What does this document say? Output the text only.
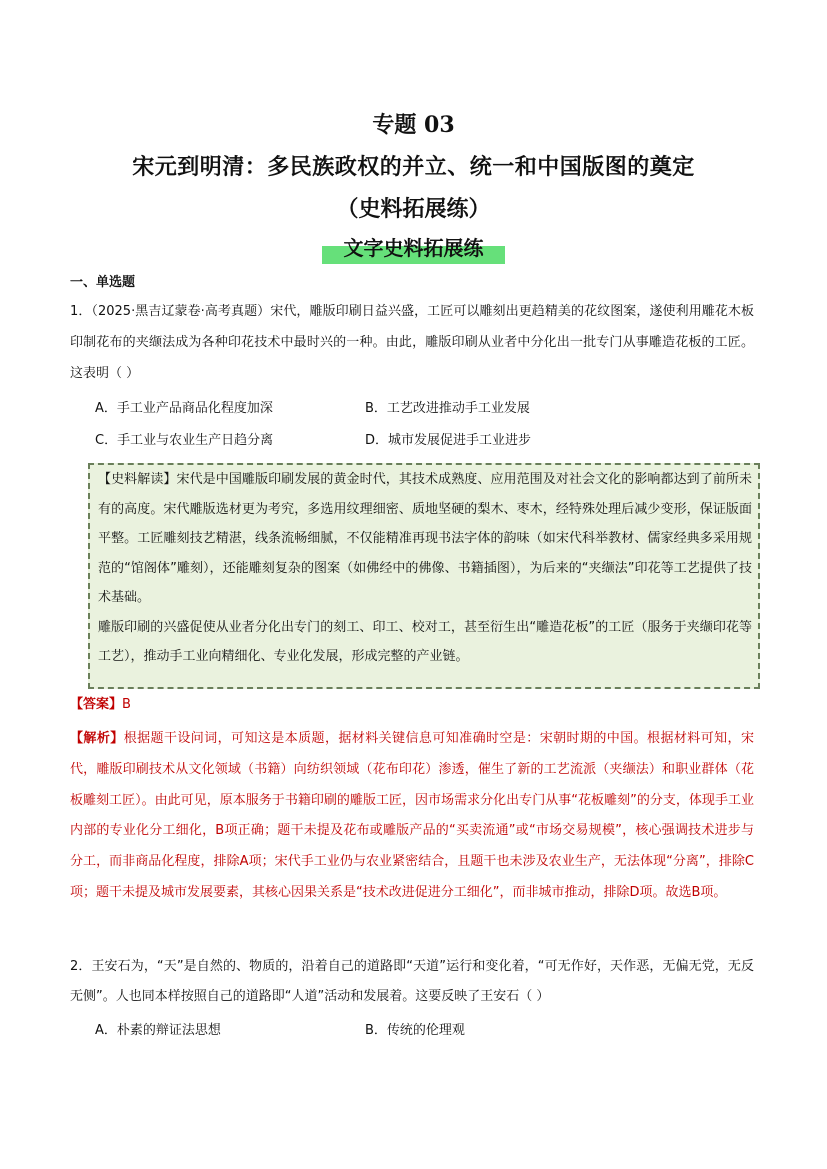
专题 03
宋元到明清：多民族政权的并立、统一和中国版图的奠定
（史料拓展练）
文字史料拓展练
一、单选题
1．（2025·黑吉辽蒙卷·高考真题）宋代，雕版印刷日益兴盛，工匠可以雕刻出更趋精美的花纹图案，遂使利用雕花木板印制花布的夹缬法成为各种印花技术中最时兴的一种。由此，雕版印刷从业者中分化出一批专门从事雕造花板的工匠。这表明（ ）
A．手工业产品商品化程度加深	B．工艺改进推动手工业发展
C．手工业与农业生产日趋分离	D．城市发展促进手工业进步
【史料解读】宋代是中国雕版印刷发展的黄金时代，其技术成熟度、应用范围及对社会文化的影响都达到了前所未有的高度。宋代雕版选材更为考究，多选用纹理细密、质地坚硬的梨木、枣木，经特殊处理后减少变形，保证版面平整。工匠雕刻技艺精湛，线条流畅细腻，不仅能精准再现书法字体的韵味（如宋代科举教材、儒家经典多采用规范的“馆阁体”雕刻），还能雕刻复杂的图案（如佛经中的佛像、书籍插图），为后来的“夹缬法”印花等工艺提供了技术基础。
雕版印刷的兴盛促使从业者分化出专门的刻工、印工、校对工，甚至衍生出“雕造花板”的工匠（服务于夹缬印花等工艺），推动手工业向精细化、专业化发展，形成完整的产业链。
【答案】B
【解析】根据题干设问词，可知这是本质题，据材料关键信息可知准确时空是：宋朝时期的中国。根据材料可知，宋代，雕版印刷技术从文化领域（书籍）向纺织领域（花布印花）渗透，催生了新的工艺流派（夹缬法）和职业群体（花板雕刻工匠）。由此可见，原本服务于书籍印刷的雕版工匠，因市场需求分化出专门从事“花板雕刻”的分支，体现手工业内部的专业化分工细化，B项正确；题干未提及花布或雕版产品的“买卖流通”或“市场交易规模”，核心强调技术进步与分工，而非商品化程度，排除A项；宋代手工业仍与农业紧密结合，且题干也未涉及农业生产，无法体现“分离”，排除C项；题干未提及城市发展要素，其核心因果关系是“技术改进促进分工细化”，而非城市推动，排除D项。故选B项。
2．王安石为，“天”是自然的、物质的，沿着自己的道路即“天道”运行和变化着，“可无作好，天作恶，无偏无党，无反无侧”。人也同本样按照自己的道路即“人道”活动和发展着。这要反映了王安石（ ）
A．朴素的辩证法思想	B．传统的伦理观
